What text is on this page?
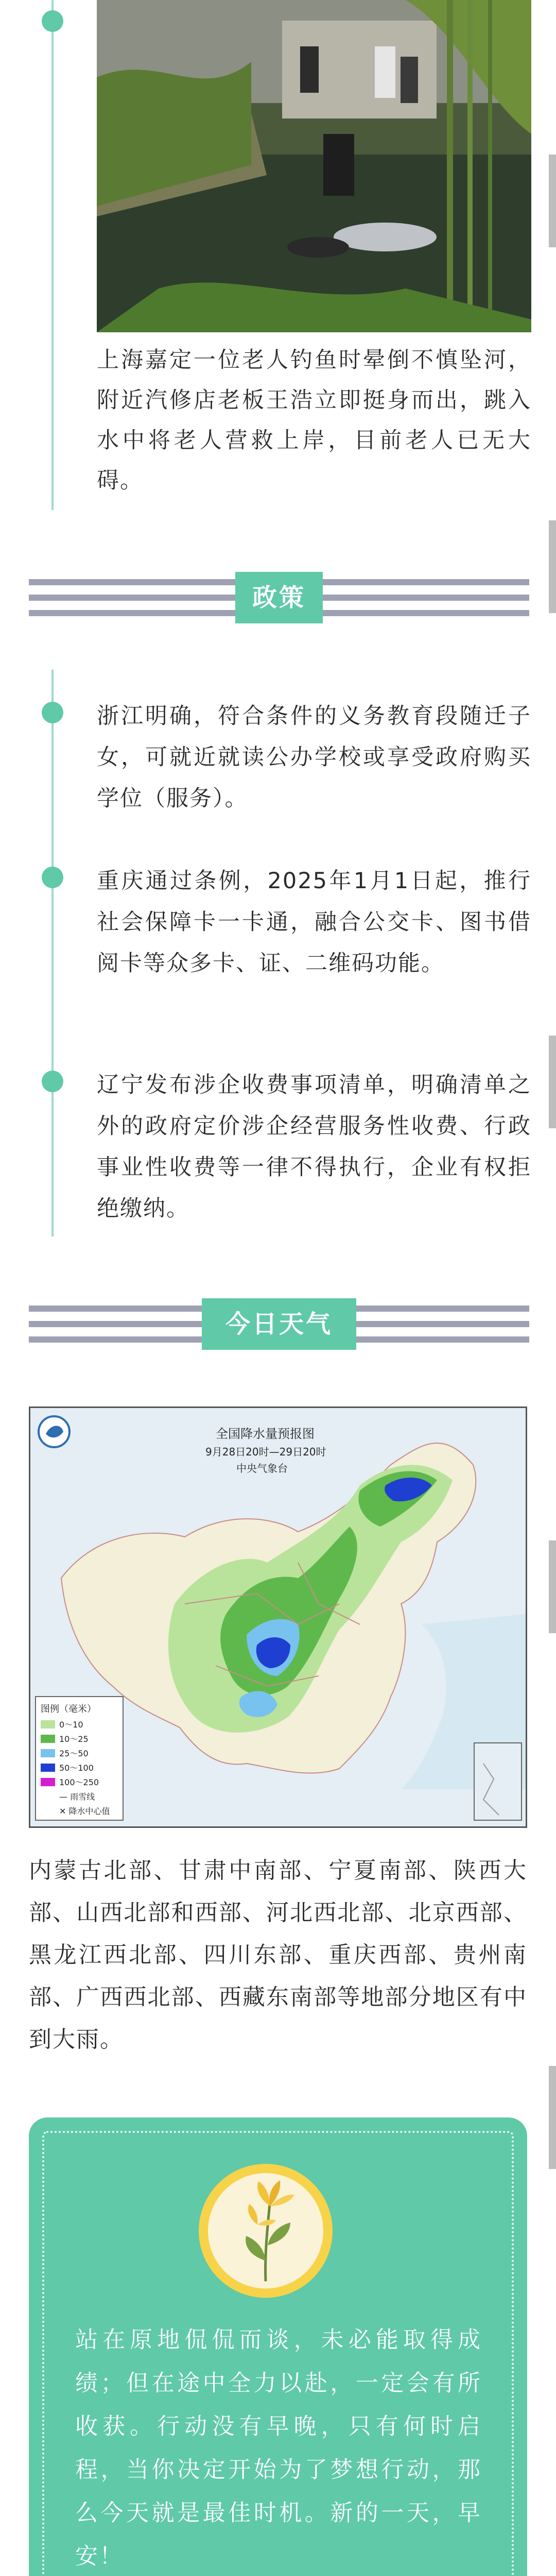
上海嘉定一位老人钓鱼时晕倒不慎坠河，附近汽修店老板王浩立即挺身而出，跳入水中将老人营救上岸，目前老人已无大碍。
政策
浙江明确，符合条件的义务教育段随迁子女，可就近就读公办学校或享受政府购买学位（服务）。
重庆通过条例，2025年1月1日起，推行社会保障卡一卡通，融合公交卡、图书借阅卡等众多卡、证、二维码功能。
辽宁发布涉企收费事项清单，明确清单之外的政府定价涉企经营服务性收费、行政事业性收费等一律不得执行，企业有权拒绝缴纳。
今日天气
全国降水量预报图
9月28日20时—29日20时
中央气象台
图例（毫米）
0～10
10～25
25～50
50～100
100～250
— 雨雪线
✕ 降水中心值
内蒙古北部、甘肃中南部、宁夏南部、陕西大部、山西北部和西部、河北西北部、北京西部、黑龙江西北部、四川东部、重庆西部、贵州南部、广西西北部、西藏东南部等地部分地区有中到大雨。
站在原地侃侃而谈，未必能取得成绩；但在途中全力以赴，一定会有所收获。行动没有早晚，只有何时启程，当你决定开始为了梦想行动，那么今天就是最佳时机。新的一天，早安！
